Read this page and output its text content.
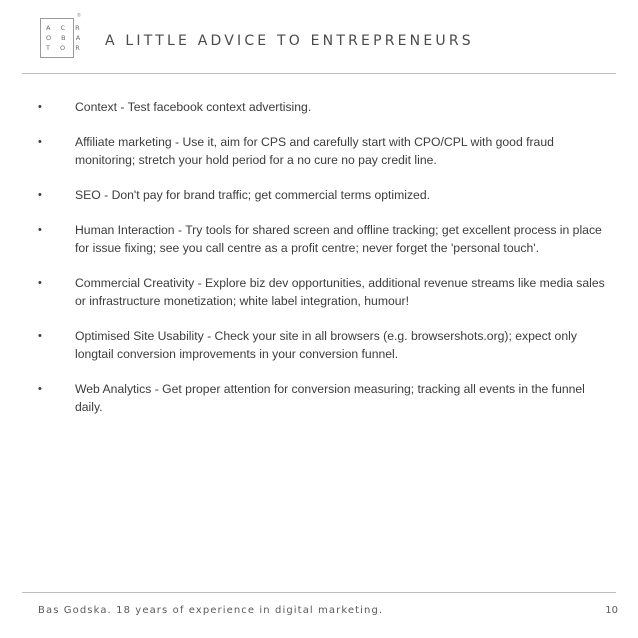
A C R
O B A
T O R
®
A LITTLE ADVICE TO ENTREPRENEURS
•	Context - Test facebook context advertising.
•	Affiliate marketing - Use it, aim for CPS and carefully start with CPO/CPL with good fraud monitoring; stretch your hold period for a no cure no pay credit line.
•	SEO - Don't pay for brand traffic; get commercial terms optimized.
•	Human Interaction - Try tools for shared screen and offline tracking; get excellent process in place for issue fixing; see you call centre as a profit centre; never forget the 'personal touch'.
•	Commercial Creativity - Explore biz dev opportunities, additional revenue streams like media sales or infrastructure monetization; white label integration, humour!
•	Optimised Site Usability - Check your site in all browsers (e.g. browsershots.org); expect only longtail conversion improvements in your conversion funnel.
•	Web Analytics - Get proper attention for conversion measuring; tracking all events in the funnel daily.
Bas Godska. 18 years of experience in digital marketing.	10
